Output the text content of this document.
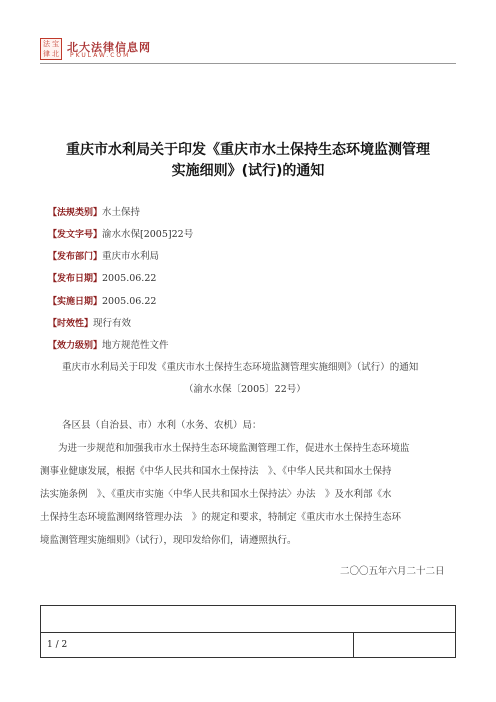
法 宝
律 北 北大法律信息网
PKULAW.COM
重庆市水利局关于印发《重庆市水土保持生态环境监测管理
实施细则》(试行)的通知
【法规类别】水土保持
【发文字号】渝水水保[2005]22号
【发布部门】重庆市水利局
【发布日期】2005.06.22
【实施日期】2005.06.22
【时效性】现行有效
【效力级别】地方规范性文件
重庆市水利局关于印发《重庆市水土保持生态环境监测管理实施细则》（试行）的通知
（渝水水保〔2005〕22号）
各区县（自治县、市）水利（水务、农机）局：
为进一步规范和加强我市水土保持生态环境监测管理工作，促进水土保持生态环境监
测事业健康发展，根据《中华人民共和国水土保持法　》、《中华人民共和国水土保持
法实施条例　》、《重庆市实施〈中华人民共和国水土保持法〉办法　》及水利部《水
土保持生态环境监测网络管理办法　》的规定和要求，特制定《重庆市水土保持生态环
境监测管理实施细则》（试行），现印发给你们，请遵照执行。
二〇〇五年六月二十二日
1 / 2
